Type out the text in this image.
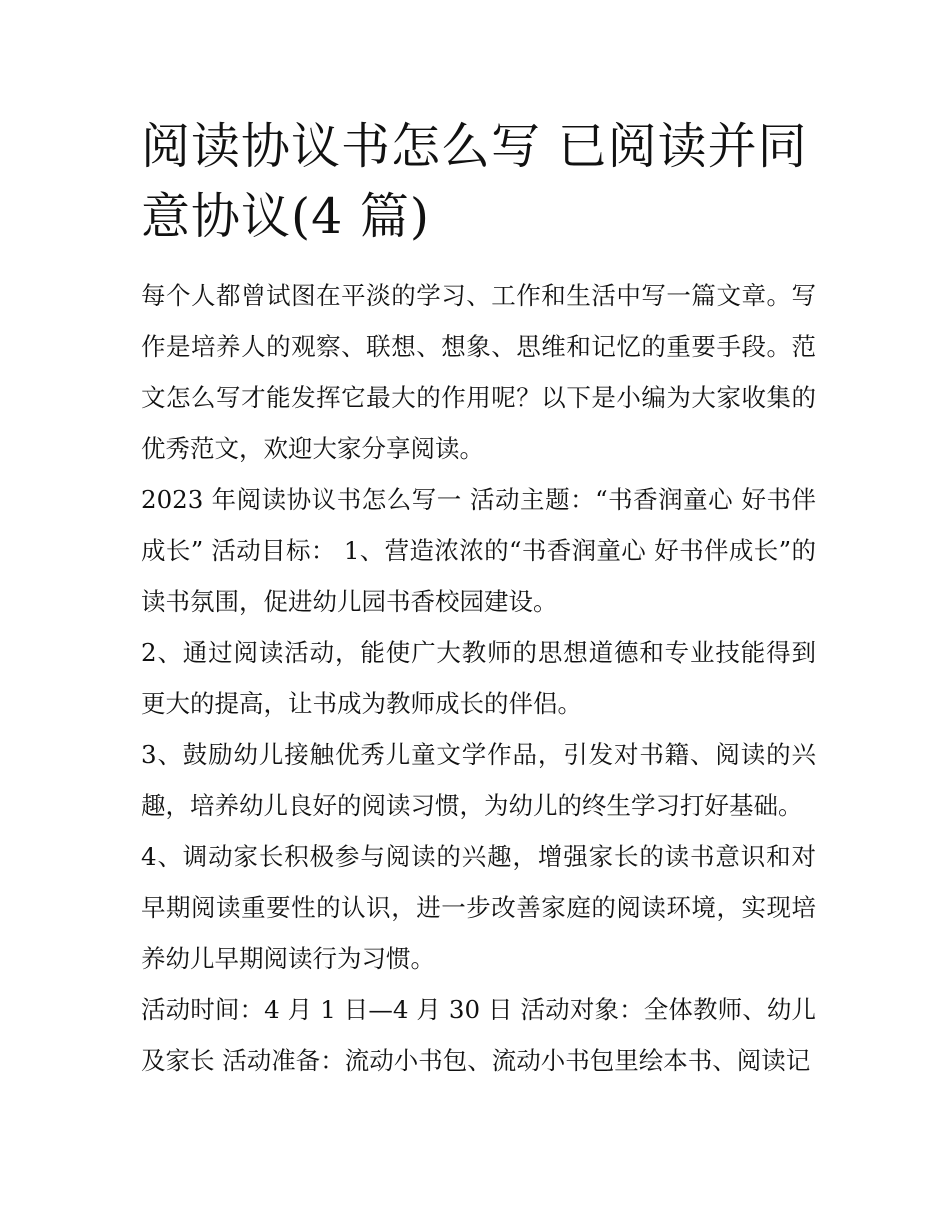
阅读协议书怎么写 已阅读并同意协议(4 篇)

每个人都曾试图在平淡的学习、工作和生活中写一篇文章。写作是培养人的观察、联想、想象、思维和记忆的重要手段。范文怎么写才能发挥它最大的作用呢？以下是小编为大家收集的优秀范文，欢迎大家分享阅读。

2023 年阅读协议书怎么写一 活动主题：“书香润童心 好书伴成长” 活动目标： 1、营造浓浓的“书香润童心 好书伴成长”的读书氛围，促进幼儿园书香校园建设。

2、通过阅读活动，能使广大教师的思想道德和专业技能得到更大的提高，让书成为教师成长的伴侣。

3、鼓励幼儿接触优秀儿童文学作品，引发对书籍、阅读的兴趣，培养幼儿良好的阅读习惯，为幼儿的终生学习打好基础。

4、调动家长积极参与阅读的兴趣，增强家长的读书意识和对早期阅读重要性的认识，进一步改善家庭的阅读环境，实现培养幼儿早期阅读行为习惯。

活动时间：4 月 1 日—4 月 30 日 活动对象：全体教师、幼儿及家长 活动准备：流动小书包、流动小书包里绘本书、阅读记
